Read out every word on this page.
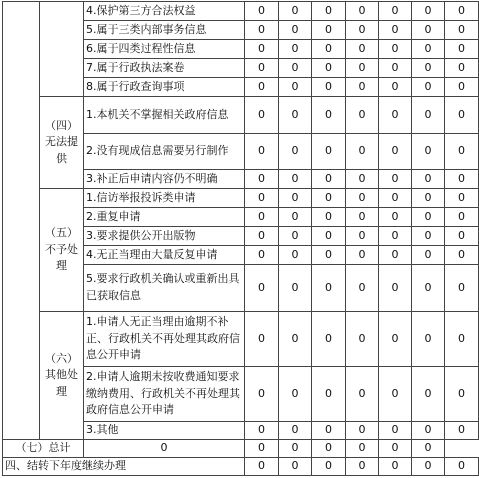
		4.保护第三方合法权益	0	0	0	0	0	0	0
		5.属于三类内部事务信息	0	0	0	0	0	0	0
		6.属于四类过程性信息	0	0	0	0	0	0	0
		7.属于行政执法案卷	0	0	0	0	0	0	0
		8.属于行政查询事项	0	0	0	0	0	0	0
	（四）无法提供	1.本机关不掌握相关政府信息	0	0	0	0	0	0	0
		2.没有现成信息需要另行制作	0	0	0	0	0	0	0
		3.补正后申请内容仍不明确	0	0	0	0	0	0	0
	（五）不予处理	1.信访举报投诉类申请	0	0	0	0	0	0	0
		2.重复申请	0	0	0	0	0	0	0
		3.要求提供公开出版物	0	0	0	0	0	0	0
		4.无正当理由大量反复申请	0	0	0	0	0	0	0
		5.要求行政机关确认或重新出具已获取信息	0	0	0	0	0	0	0
	（六）其他处理	1.申请人无正当理由逾期不补正、行政机关不再处理其政府信息公开申请	0	0	0	0	0	0	0
		2.申请人逾期未按收费通知要求缴纳费用、行政机关不再处理其政府信息公开申请	0	0	0	0	0	0	0
		3.其他	0	0	0	0	0	0	0
（七）总计		0	0	0	0	0	0	0	
四、结转下年度继续办理			0	0	0	0	0	0	0
